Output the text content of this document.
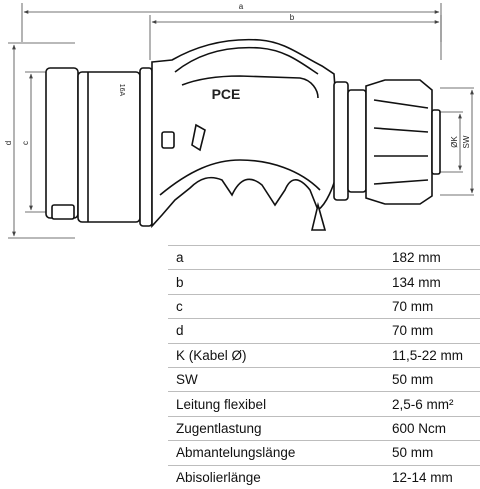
a
b
d c	ØK SW
16A	PCE
a	182 mm
b	134 mm
c	70 mm
d	70 mm
K (Kabel Ø)	11,5-22 mm
SW	50 mm
Leitung flexibel	2,5-6 mm²
Zugentlastung	600 Ncm
Abmantelungslänge	50 mm
Abisolierlänge	12-14 mm
